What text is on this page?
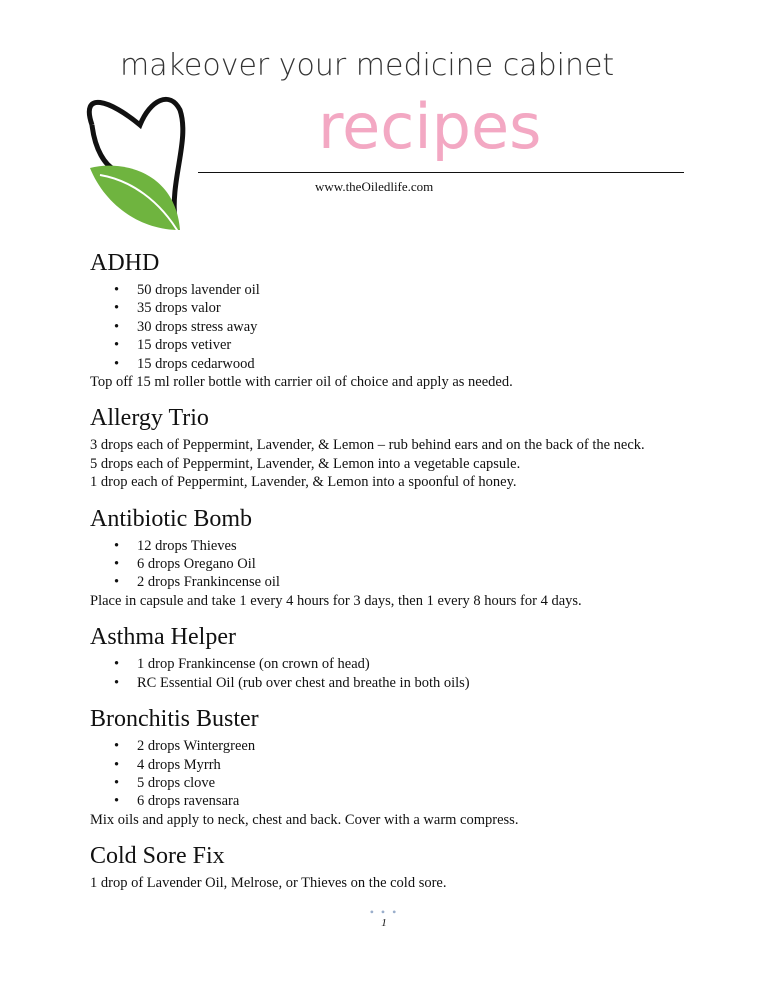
makeover your medicine cabinet
recipes
www.theOiledlife.com
ADHD
• 50 drops lavender oil
• 35 drops valor
• 30 drops stress away
• 15 drops vetiver
• 15 drops cedarwood

Top off 15 ml roller bottle with carrier oil of choice and apply as needed.

Allergy Trio

3 drops each of Peppermint, Lavender, & Lemon – rub behind ears and on the back of the neck.

5 drops each of Peppermint, Lavender, & Lemon into a vegetable capsule.

1 drop each of Peppermint, Lavender, & Lemon into a spoonful of honey.

Antibiotic Bomb
• 12 drops Thieves
• 6 drops Oregano Oil
• 2 drops Frankincense oil

Place in capsule and take 1 every 4 hours for 3 days, then 1 every 8 hours for 4 days.

Asthma Helper
• 1 drop Frankincense (on crown of head)
• RC Essential Oil (rub over chest and breathe in both oils)
Bronchitis Buster
• 2 drops Wintergreen
• 4 drops Myrrh
• 5 drops clove
• 6 drops ravensara

Mix oils and apply to neck, chest and back. Cover with a warm compress.

Cold Sore Fix

1 drop of Lavender Oil, Melrose, or Thieves on the cold sore.

• • •
1
